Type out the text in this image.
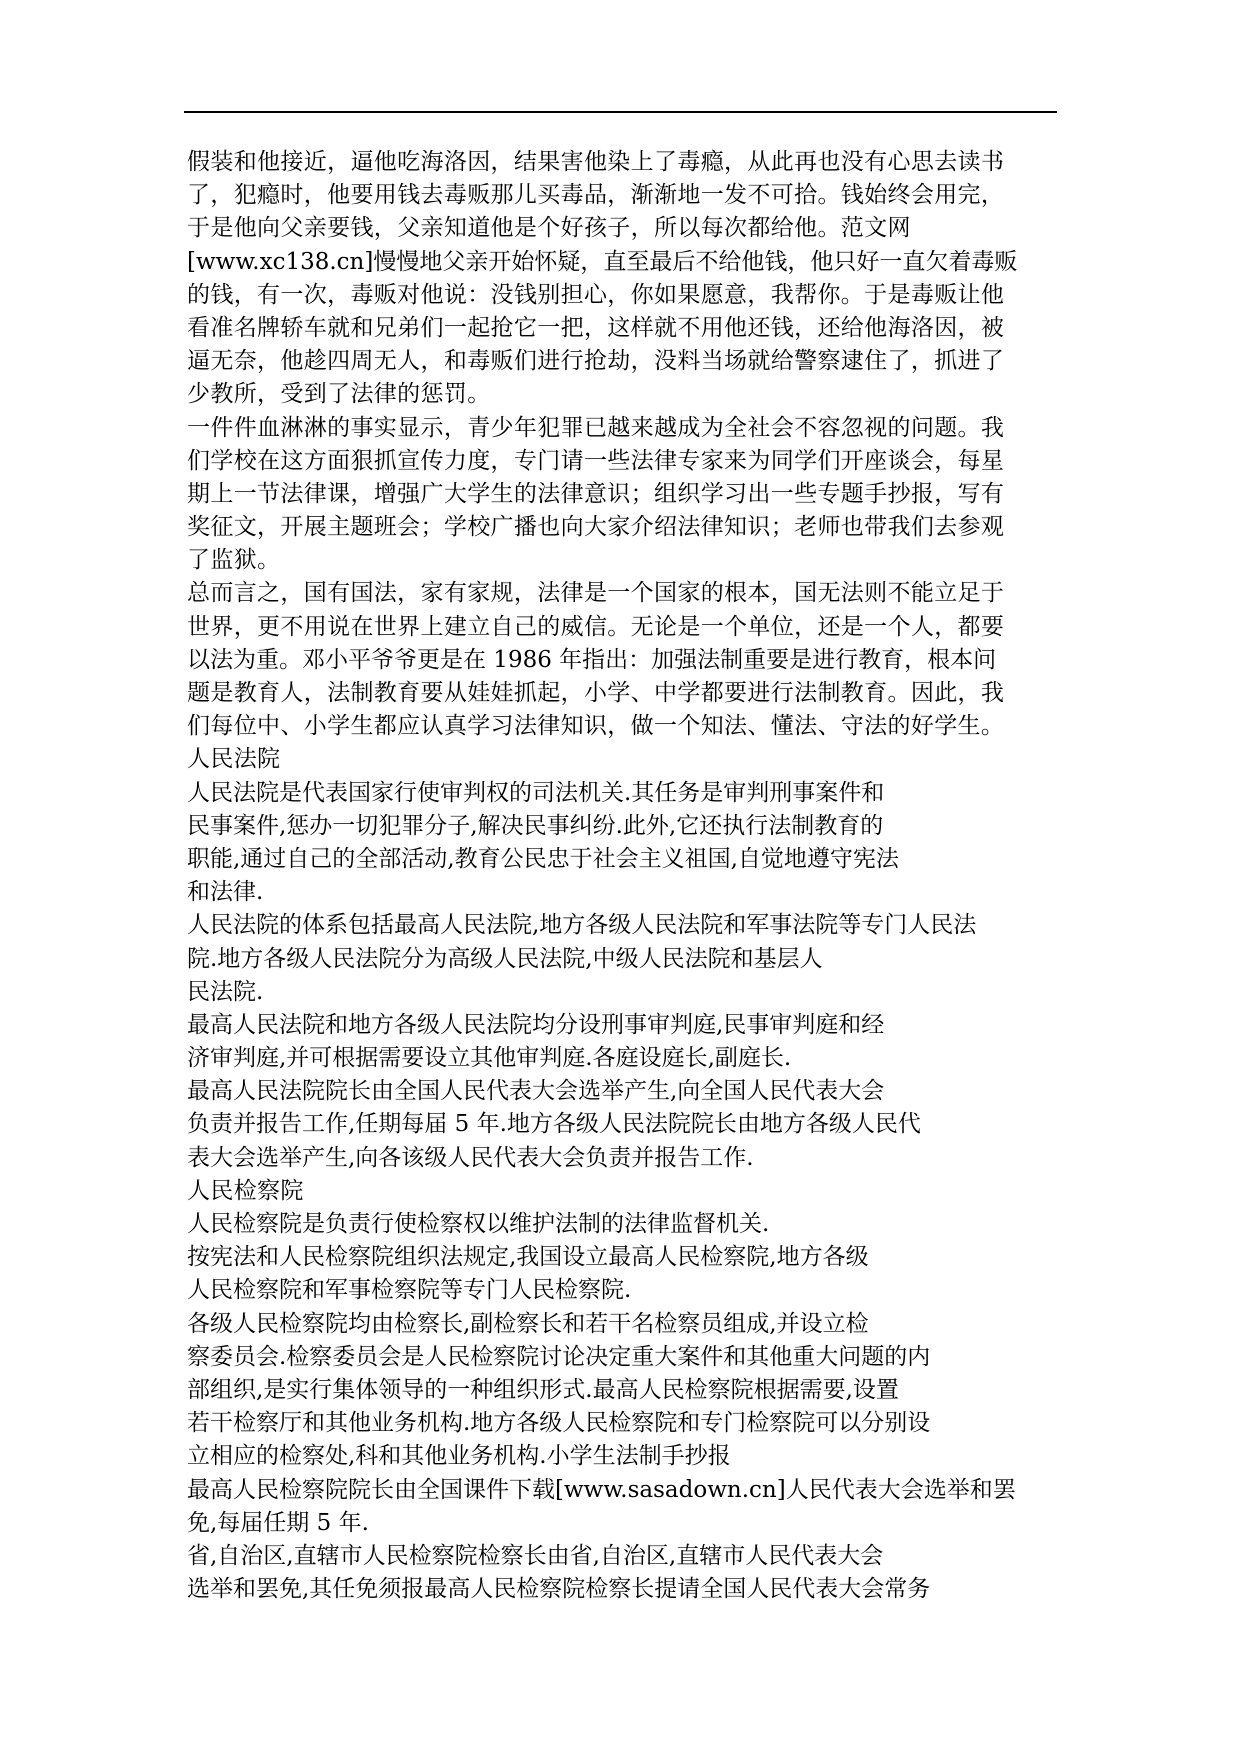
假装和他接近，逼他吃海洛因，结果害他染上了毒瘾，从此再也没有心思去读书
了，犯瘾时，他要用钱去毒贩那儿买毒品，渐渐地一发不可拾。钱始终会用完，
于是他向父亲要钱，父亲知道他是个好孩子，所以每次都给他。范文网
[www.xc138.cn]慢慢地父亲开始怀疑，直至最后不给他钱，他只好一直欠着毒贩
的钱，有一次，毒贩对他说：没钱别担心，你如果愿意，我帮你。于是毒贩让他
看准名牌轿车就和兄弟们一起抢它一把，这样就不用他还钱，还给他海洛因，被
逼无奈，他趁四周无人，和毒贩们进行抢劫，没料当场就给警察逮住了，抓进了
少教所，受到了法律的惩罚。
一件件血淋淋的事实显示，青少年犯罪已越来越成为全社会不容忽视的问题。我
们学校在这方面狠抓宣传力度，专门请一些法律专家来为同学们开座谈会，每星
期上一节法律课，增强广大学生的法律意识；组织学习出一些专题手抄报，写有
奖征文，开展主题班会；学校广播也向大家介绍法律知识；老师也带我们去参观
了监狱。
总而言之，国有国法，家有家规，法律是一个国家的根本，国无法则不能立足于
世界，更不用说在世界上建立自己的威信。无论是一个单位，还是一个人，都要
以法为重。邓小平爷爷更是在 1986 年指出：加强法制重要是进行教育，根本问
题是教育人，法制教育要从娃娃抓起，小学、中学都要进行法制教育。因此，我
们每位中、小学生都应认真学习法律知识，做一个知法、懂法、守法的好学生。
人民法院
人民法院是代表国家行使审判权的司法机关.其任务是审判刑事案件和
民事案件,惩办一切犯罪分子,解决民事纠纷.此外,它还执行法制教育的
职能,通过自己的全部活动,教育公民忠于社会主义祖国,自觉地遵守宪法
和法律.
人民法院的体系包括最高人民法院,地方各级人民法院和军事法院等专门人民法
院.地方各级人民法院分为高级人民法院,中级人民法院和基层人
民法院.
最高人民法院和地方各级人民法院均分设刑事审判庭,民事审判庭和经
济审判庭,并可根据需要设立其他审判庭.各庭设庭长,副庭长.
最高人民法院院长由全国人民代表大会选举产生,向全国人民代表大会
负责并报告工作,任期每届 5 年.地方各级人民法院院长由地方各级人民代
表大会选举产生,向各该级人民代表大会负责并报告工作.
人民检察院
人民检察院是负责行使检察权以维护法制的法律监督机关.
按宪法和人民检察院组织法规定,我国设立最高人民检察院,地方各级
人民检察院和军事检察院等专门人民检察院.
各级人民检察院均由检察长,副检察长和若干名检察员组成,并设立检
察委员会.检察委员会是人民检察院讨论决定重大案件和其他重大问题的内
部组织,是实行集体领导的一种组织形式.最高人民检察院根据需要,设置
若干检察厅和其他业务机构.地方各级人民检察院和专门检察院可以分别设
立相应的检察处,科和其他业务机构.小学生法制手抄报
最高人民检察院院长由全国课件下载[www.sasadown.cn]人民代表大会选举和罢
免,每届任期 5 年.
省,自治区,直辖市人民检察院检察长由省,自治区,直辖市人民代表大会
选举和罢免,其任免须报最高人民检察院检察长提请全国人民代表大会常务
